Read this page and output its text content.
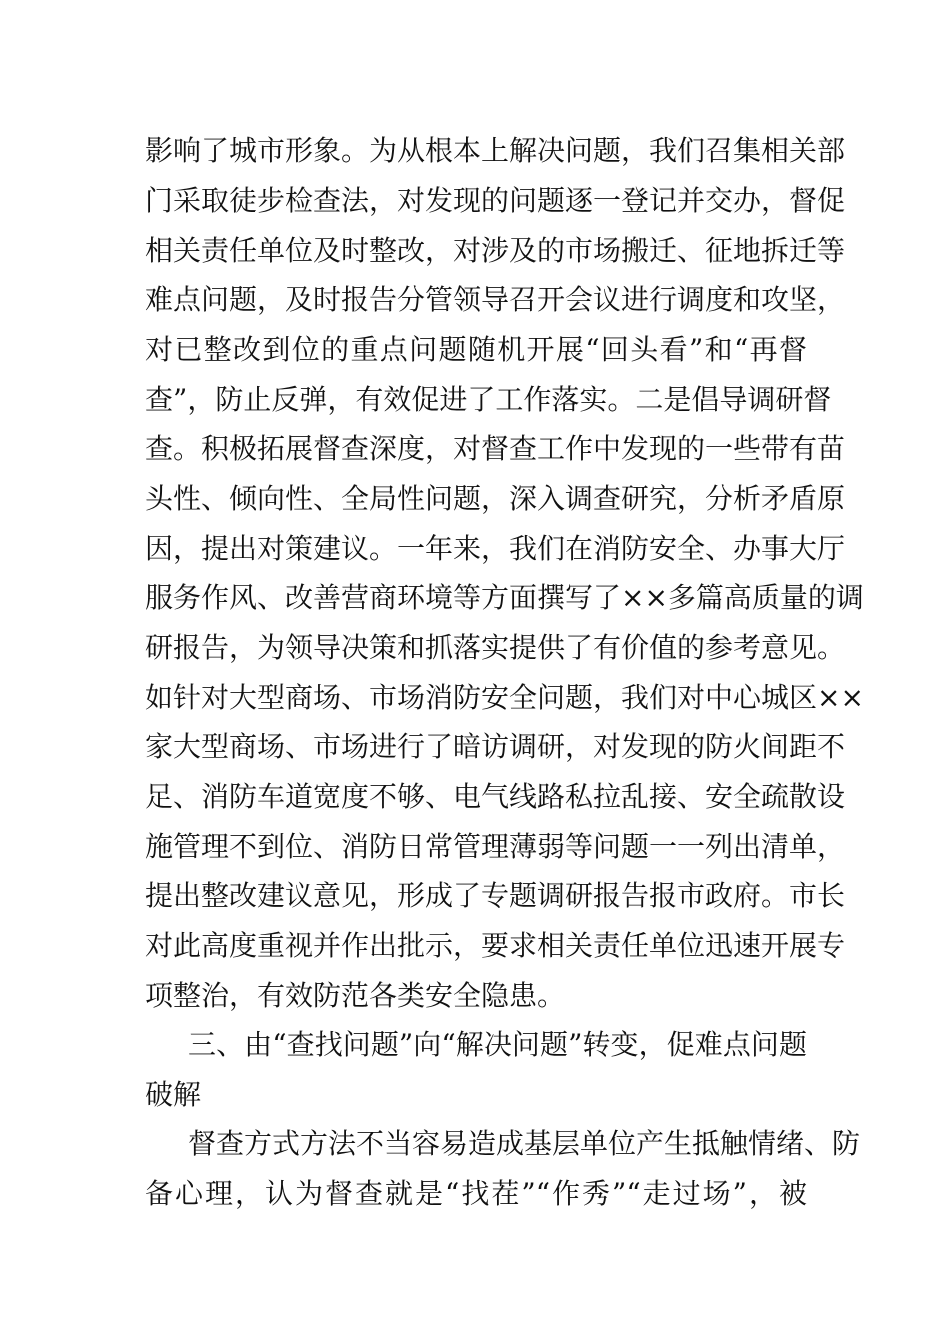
影响了城市形象。为从根本上解决问题，我们召集相关部
门采取徒步检查法，对发现的问题逐一登记并交办，督促
相关责任单位及时整改，对涉及的市场搬迁、征地拆迁等
难点问题，及时报告分管领导召开会议进行调度和攻坚，
对已整改到位的重点问题随机开展“回头看”和“再督
查”，防止反弹，有效促进了工作落实。二是倡导调研督
查。积极拓展督查深度，对督查工作中发现的一些带有苗
头性、倾向性、全局性问题，深入调查研究，分析矛盾原
因，提出对策建议。一年来，我们在消防安全、办事大厅
服务作风、改善营商环境等方面撰写了××多篇高质量的调
研报告，为领导决策和抓落实提供了有价值的参考意见。
如针对大型商场、市场消防安全问题，我们对中心城区××
家大型商场、市场进行了暗访调研，对发现的防火间距不
足、消防车道宽度不够、电气线路私拉乱接、安全疏散设
施管理不到位、消防日常管理薄弱等问题一一列出清单，
提出整改建议意见，形成了专题调研报告报市政府。市长
对此高度重视并作出批示，要求相关责任单位迅速开展专
项整治，有效防范各类安全隐患。
三、由“查找问题”向“解决问题”转变，促难点问题
破解
督查方式方法不当容易造成基层单位产生抵触情绪、防
备心理，认为督查就是“找茬”“作秀”“走过场”，被
